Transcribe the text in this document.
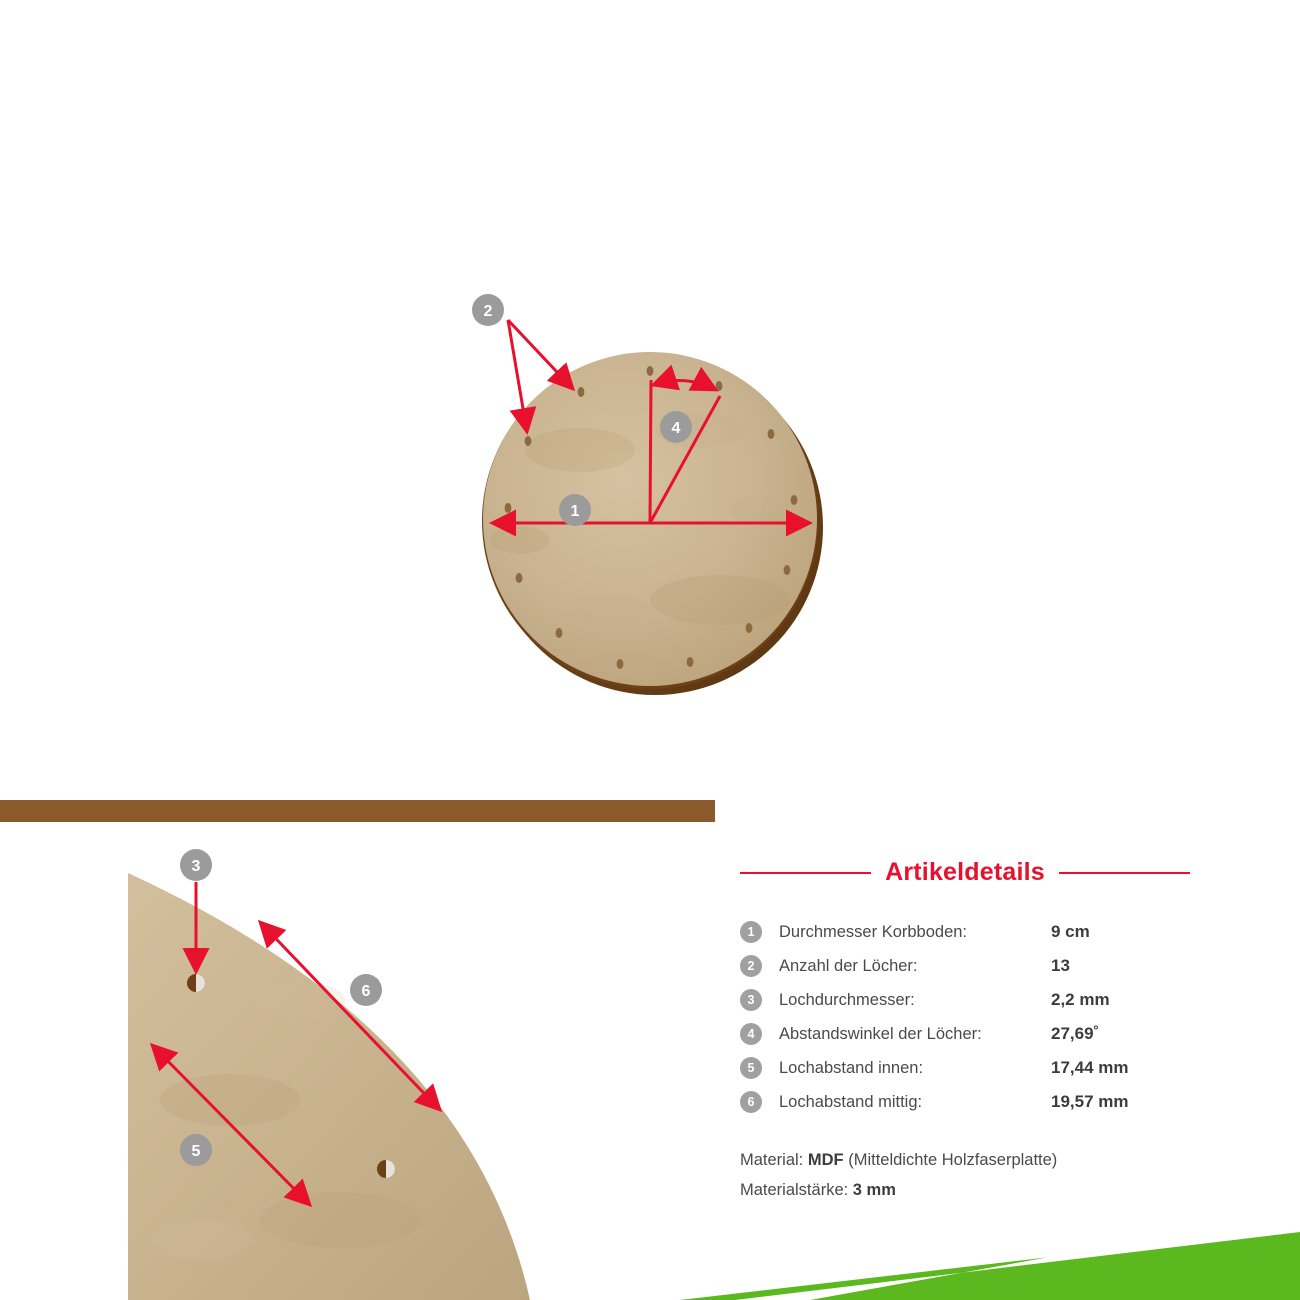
2
4
1
3
6
5
Artikeldetails
1	Durchmesser Korbboden:	9 cm
2	Anzahl der Löcher:	13
3	Lochdurchmesser:	2,2 mm
4	Abstandswinkel der Löcher:	27,69˚
5	Lochabstand innen:	17,44 mm
6	Lochabstand mittig:	19,57 mm
Material: MDF (Mitteldichte Holzfaserplatte)
Materialstärke: 3 mm
